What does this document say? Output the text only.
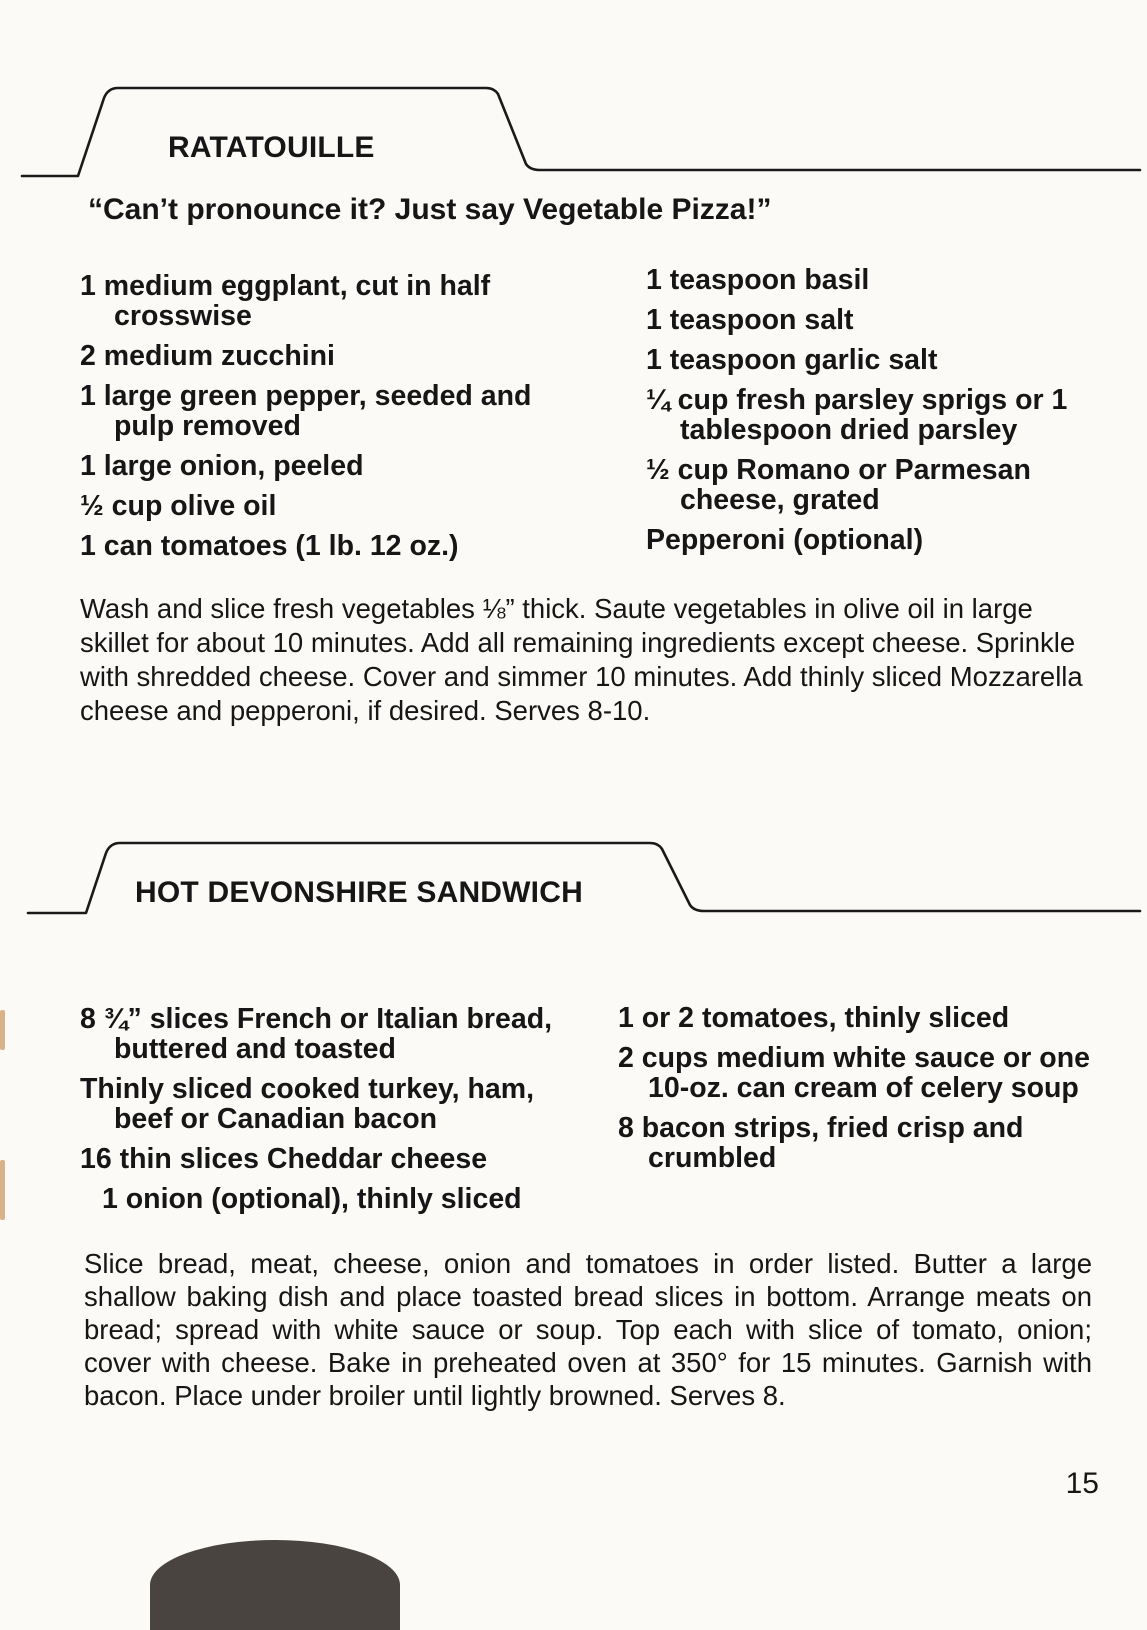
RATATOUILLE
“Can’t pronounce it? Just say Vegetable Pizza!”
1 medium eggplant, cut in half crosswise
2 medium zucchini
1 large green pepper, seeded and pulp removed
1 large onion, peeled
½ cup olive oil
1 can tomatoes (1 lb. 12 oz.)
1 teaspoon basil
1 teaspoon salt
1 teaspoon garlic salt
¼ cup fresh parsley sprigs or 1 tablespoon dried parsley
½ cup Romano or Parmesan cheese, grated
Pepperoni (optional)

Wash and slice fresh vegetables ⅛” thick. Saute vegetables in olive oil in large skillet for about 10 minutes. Add all remaining ingredients except cheese. Sprinkle with shredded cheese. Cover and simmer 10 minutes. Add thinly sliced Mozzarella cheese and pepperoni, if desired. Serves 8-10.

HOT DEVONSHIRE SANDWICH
8 ¾” slices French or Italian bread, buttered and toasted
Thinly sliced cooked turkey, ham, beef or Canadian bacon
16 thin slices Cheddar cheese
1 onion (optional), thinly sliced
1 or 2 tomatoes, thinly sliced
2 cups medium white sauce or one 10-oz. can cream of celery soup
8 bacon strips, fried crisp and crumbled

Slice bread, meat, cheese, onion and tomatoes in order listed. Butter a large shallow baking dish and place toasted bread slices in bottom. Arrange meats on bread; spread with white sauce or soup. Top each with slice of tomato, onion; cover with cheese. Bake in preheated oven at 350° for 15 minutes. Garnish with bacon. Place under broiler until lightly browned. Serves 8.

15
